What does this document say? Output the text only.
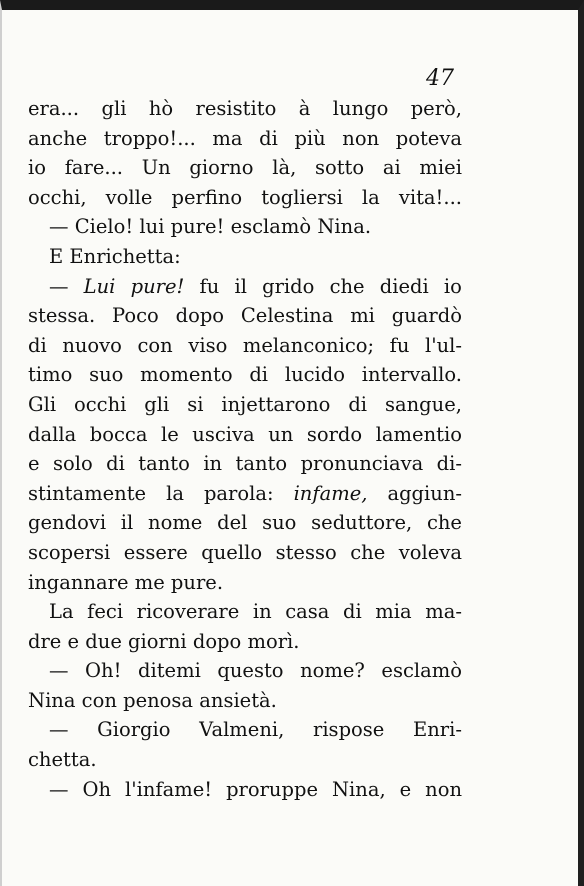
47
era... gli hò resistito à lungo però,
anche troppo!... ma di più non poteva
io fare... Un giorno là, sotto ai miei
occhi, volle perfino togliersi la vita!...
— Cielo! lui pure! esclamò Nina.
E Enrichetta:
— Lui pure! fu il grido che diedi io
stessa. Poco dopo Celestina mi guardò
di nuovo con viso melanconico; fu l'ul-
timo suo momento di lucido intervallo.
Gli occhi gli si injettarono di sangue,
dalla bocca le usciva un sordo lamentio
e solo di tanto in tanto pronunciava di-
stintamente la parola: infame, aggiun-
gendovi il nome del suo seduttore, che
scopersi essere quello stesso che voleva
ingannare me pure.
La feci ricoverare in casa di mia ma-
dre e due giorni dopo morì.
— Oh! ditemi questo nome? esclamò
Nina con penosa ansietà.
— Giorgio Valmeni, rispose Enri-
chetta.
— Oh l'infame! proruppe Nina, e non
